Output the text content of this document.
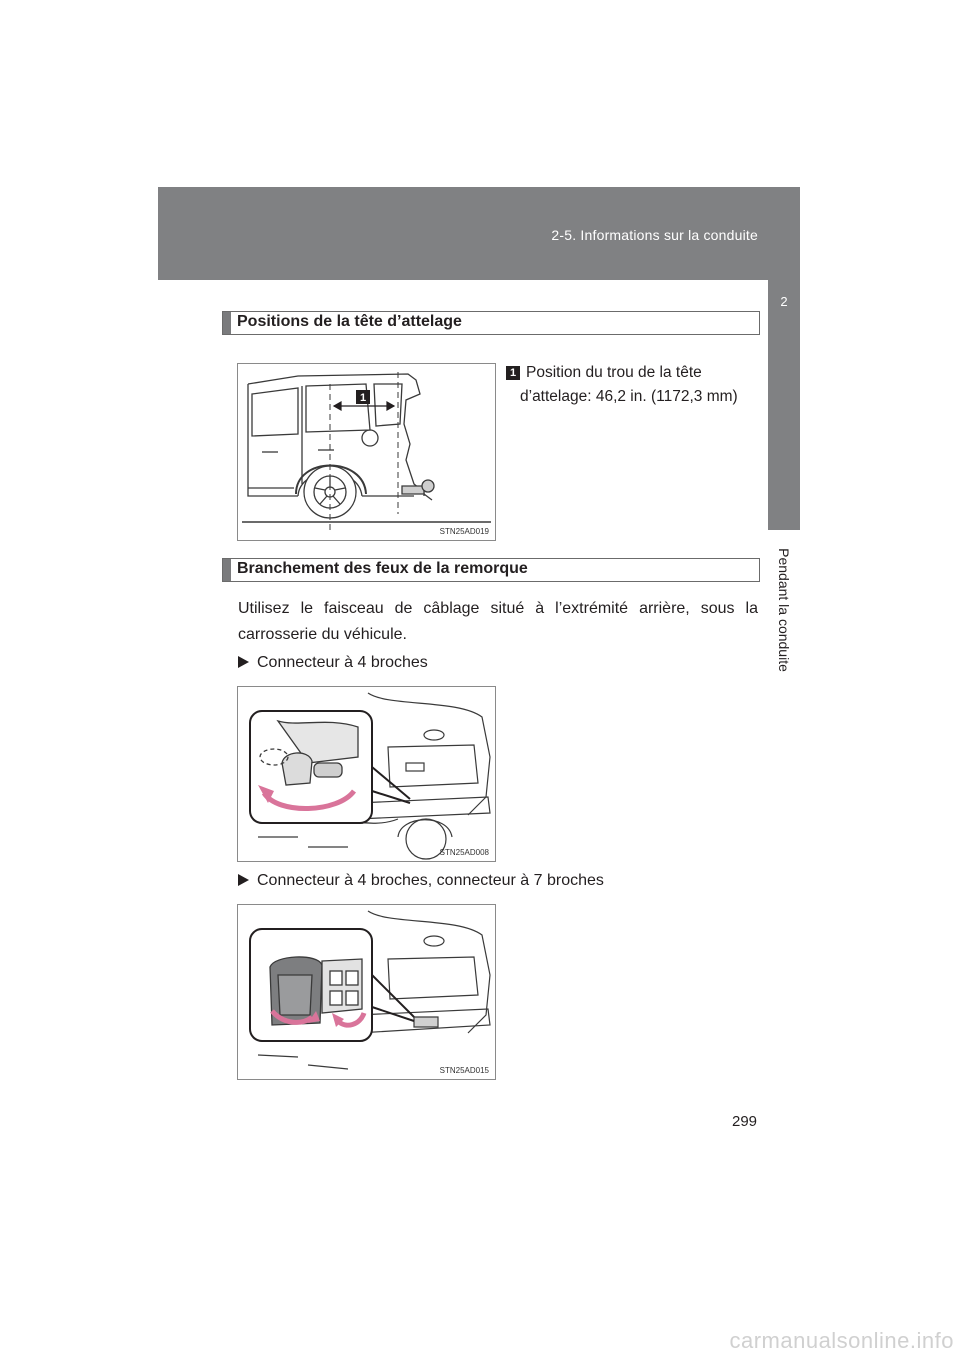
2-5. Informations sur la conduite
2
Pendant la conduite
Positions de la tête d’attelage
1
STN25AD019
1 Position du trou de la tête
d’attelage: 46,2 in. (1172,3 mm)
Branchement des feux de la remorque
Utilisez le faisceau de câblage situé à l’extrémité arrière, sous la carrosserie du véhicule.
Connecteur à 4 broches
STN25AD008
Connecteur à 4 broches, connecteur à 7 broches
STN25AD015
299
carmanualsonline.info
